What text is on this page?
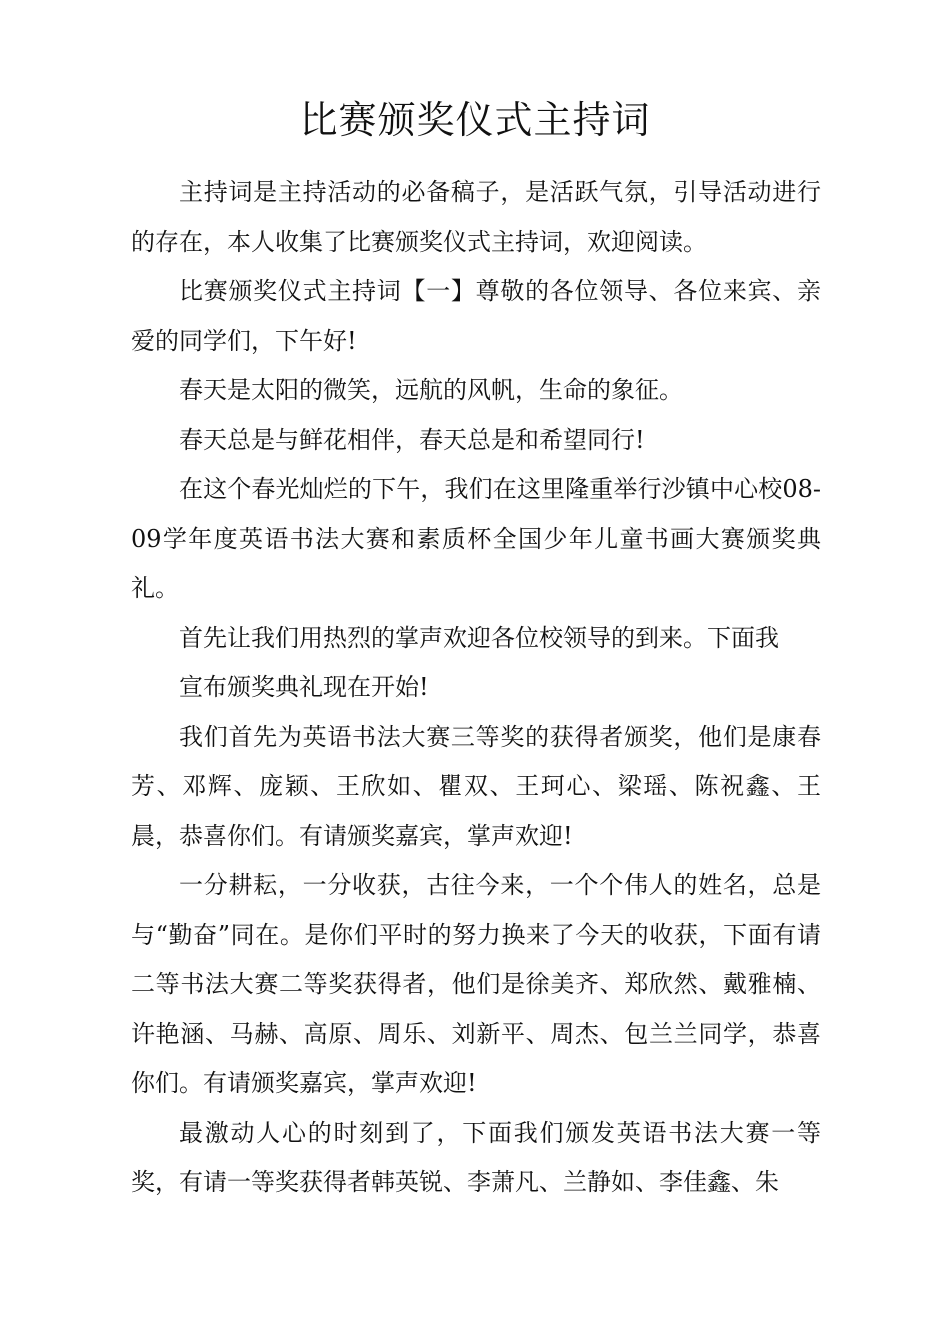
比赛颁奖仪式主持词

主持词是主持活动的必备稿子，是活跃气氛，引导活动进行的存在，本人收集了比赛颁奖仪式主持词，欢迎阅读。

比赛颁奖仪式主持词【一】尊敬的各位领导、各位来宾、亲爱的同学们，下午好!

春天是太阳的微笑，远航的风帆，生命的象征。

春天总是与鲜花相伴，春天总是和希望同行!

在这个春光灿烂的下午，我们在这里隆重举行沙镇中心校08-09学年度英语书法大赛和素质杯全国少年儿童书画大赛颁奖典礼。

首先让我们用热烈的掌声欢迎各位校领导的到来。下面我

宣布颁奖典礼现在开始!

我们首先为英语书法大赛三等奖的获得者颁奖，他们是康春芳、邓辉、庞颖、王欣如、瞿双、王珂心、梁瑶、陈祝鑫、王晨，恭喜你们。有请颁奖嘉宾，掌声欢迎!

一分耕耘，一分收获，古往今来，一个个伟人的姓名，总是与“勤奋”同在。是你们平时的努力换来了今天的收获，下面有请二等书法大赛二等奖获得者，他们是徐美齐、郑欣然、戴雅楠、许艳涵、马赫、高原、周乐、刘新平、周杰、包兰兰同学，恭喜你们。有请颁奖嘉宾，掌声欢迎!

最激动人心的时刻到了，下面我们颁发英语书法大赛一等奖，有请一等奖获得者韩英锐、李萧凡、兰静如、李佳鑫、朱
